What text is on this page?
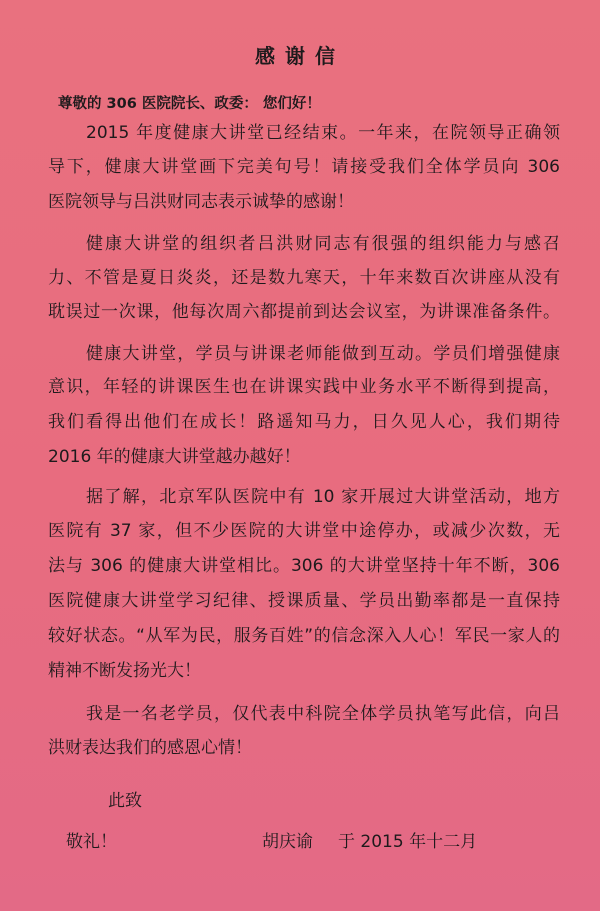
感谢信
尊敬的 306 医院院长、政委： 您们好！
2015 年度健康大讲堂已经结束。一年来，在院领导正确领
导下，健康大讲堂画下完美句号！请接受我们全体学员向 306
医院领导与吕洪财同志表示诚挚的感谢！
健康大讲堂的组织者吕洪财同志有很强的组织能力与感召
力、不管是夏日炎炎，还是数九寒天，十年来数百次讲座从没有
耽误过一次课，他每次周六都提前到达会议室，为讲课准备条件。
健康大讲堂，学员与讲课老师能做到互动。学员们增强健康
意识，年轻的讲课医生也在讲课实践中业务水平不断得到提高，
我们看得出他们在成长！路遥知马力，日久见人心，我们期待
2016 年的健康大讲堂越办越好！
据了解，北京军队医院中有 10 家开展过大讲堂活动，地方
医院有 37 家，但不少医院的大讲堂中途停办，或减少次数，无
法与 306 的健康大讲堂相比。306 的大讲堂坚持十年不断，306
医院健康大讲堂学习纪律、授课质量、学员出勤率都是一直保持
较好状态。“从军为民，服务百姓”的信念深入人心！军民一家人的
精神不断发扬光大！
我是一名老学员，仅代表中科院全体学员执笔写此信，向吕
洪财表达我们的感恩心情！
此致
敬礼！	胡庆谕 于 2015 年十二月
